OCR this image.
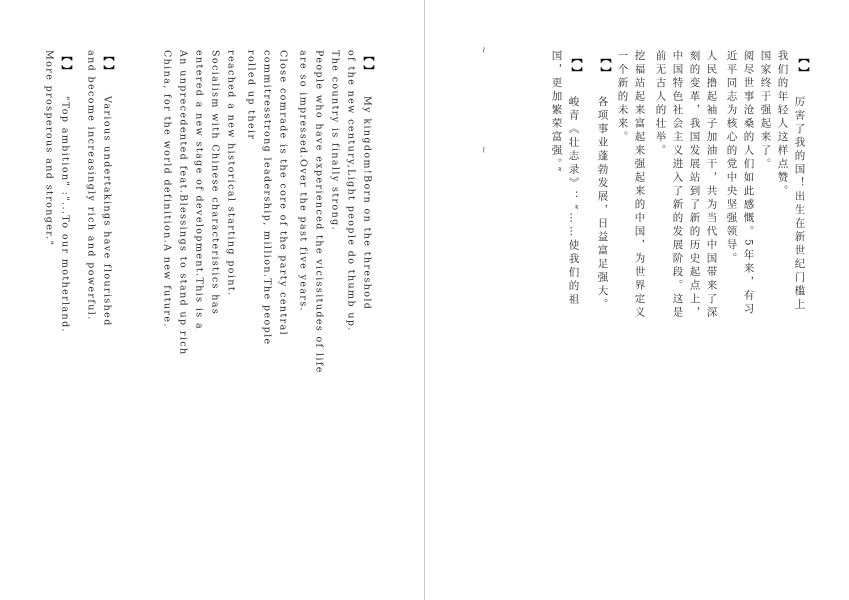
【 】
厉害了我的国！出生在新世纪门槛上
我们的年轻人这样点赞。
国家终于强起来了。
阅尽世事沧桑的人们如此感慨。5年来，有习
近平同志为核心的党中央坚强领导。
人民撸起袖子加油干，共为当代中国带来了深
刻的变革，我国发展站到了新的历史起点上，
中国特色社会主义进入了新的发展阶段。这是
前无古人的壮举。
挖福站起来富起来强起来的中国，为世界定义
一个新的未来。
【 】
各项事业蓬勃发展，日益富足强大。
【 】
峻青《壮志录》：“……使我们的祖
国，更加繁荣富强。”
~
~
【 】
My kingdom!Born on the threshold
of the new century,Light people do thumb up.
The country is finally strong.
People who have experienced the vicissitudes of life
are so impressed.Over the past five years.
Close comrade is the core of the party central
commitresstrong leadership, million.The people
rolled up their
reached a new historical starting point.
Socialism with Chinese characteristics has
entered a new stage of development.This is a
An unprecedented feat.Blessings to stand up rich
China, for the world definition.A new future.
【 】
Various undertakings have flourished
and become increasingly rich and powerful.
【 】
"Top ambition" :"...To our motherland.
More prosperous and stronger."
